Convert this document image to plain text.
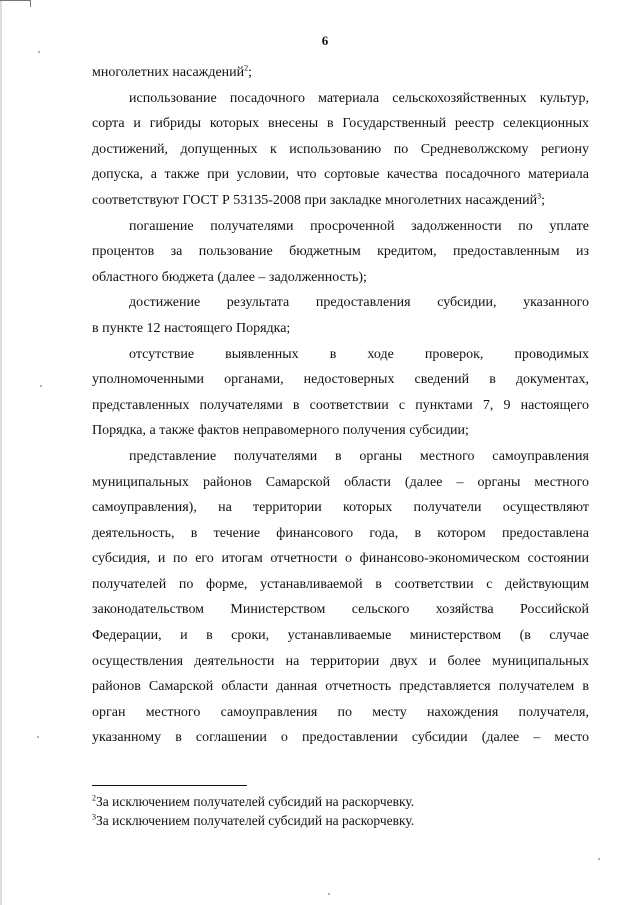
6
многолетних насаждений$^2$;
использование посадочного материала сельскохозяйственных культур,
сорта и гибриды которых внесены в Государственный реестр селекционных
достижений, допущенных к использованию по Средневолжскому региону
допуска, а также при условии, что сортовые качества посадочного материала
соответствуют ГОСТ Р 53135-2008 при закладке многолетних насаждений$^3$;
погашение получателями просроченной задолженности по уплате
процентов за пользование бюджетным кредитом, предоставленным из
областного бюджета (далее – задолженность);
достижение результата предоставления субсидии, указанного
в пункте 12 настоящего Порядка;
отсутствие выявленных в ходе проверок, проводимых
уполномоченными органами, недостоверных сведений в документах,
представленных получателями в соответствии с пунктами 7, 9 настоящего
Порядка, а также фактов неправомерного получения субсидии;
представление получателями в органы местного самоуправления
муниципальных районов Самарской области (далее – органы местного
самоуправления), на территории которых получатели осуществляют
деятельность, в течение финансового года, в котором предоставлена
субсидия, и по его итогам отчетности о финансово-экономическом состоянии
получателей по форме, устанавливаемой в соответствии с действующим
законодательством Министерством сельского хозяйства Российской
Федерации, и в сроки, устанавливаемые министерством (в случае
осуществления деятельности на территории двух и более муниципальных
районов Самарской области данная отчетность представляется получателем в
орган местного самоуправления по месту нахождения получателя,
указанному в соглашении о предоставлении субсидии (далее – место
$^2$За исключением получателей субсидий на раскорчевку.
$^3$За исключением получателей субсидий на раскорчевку.
